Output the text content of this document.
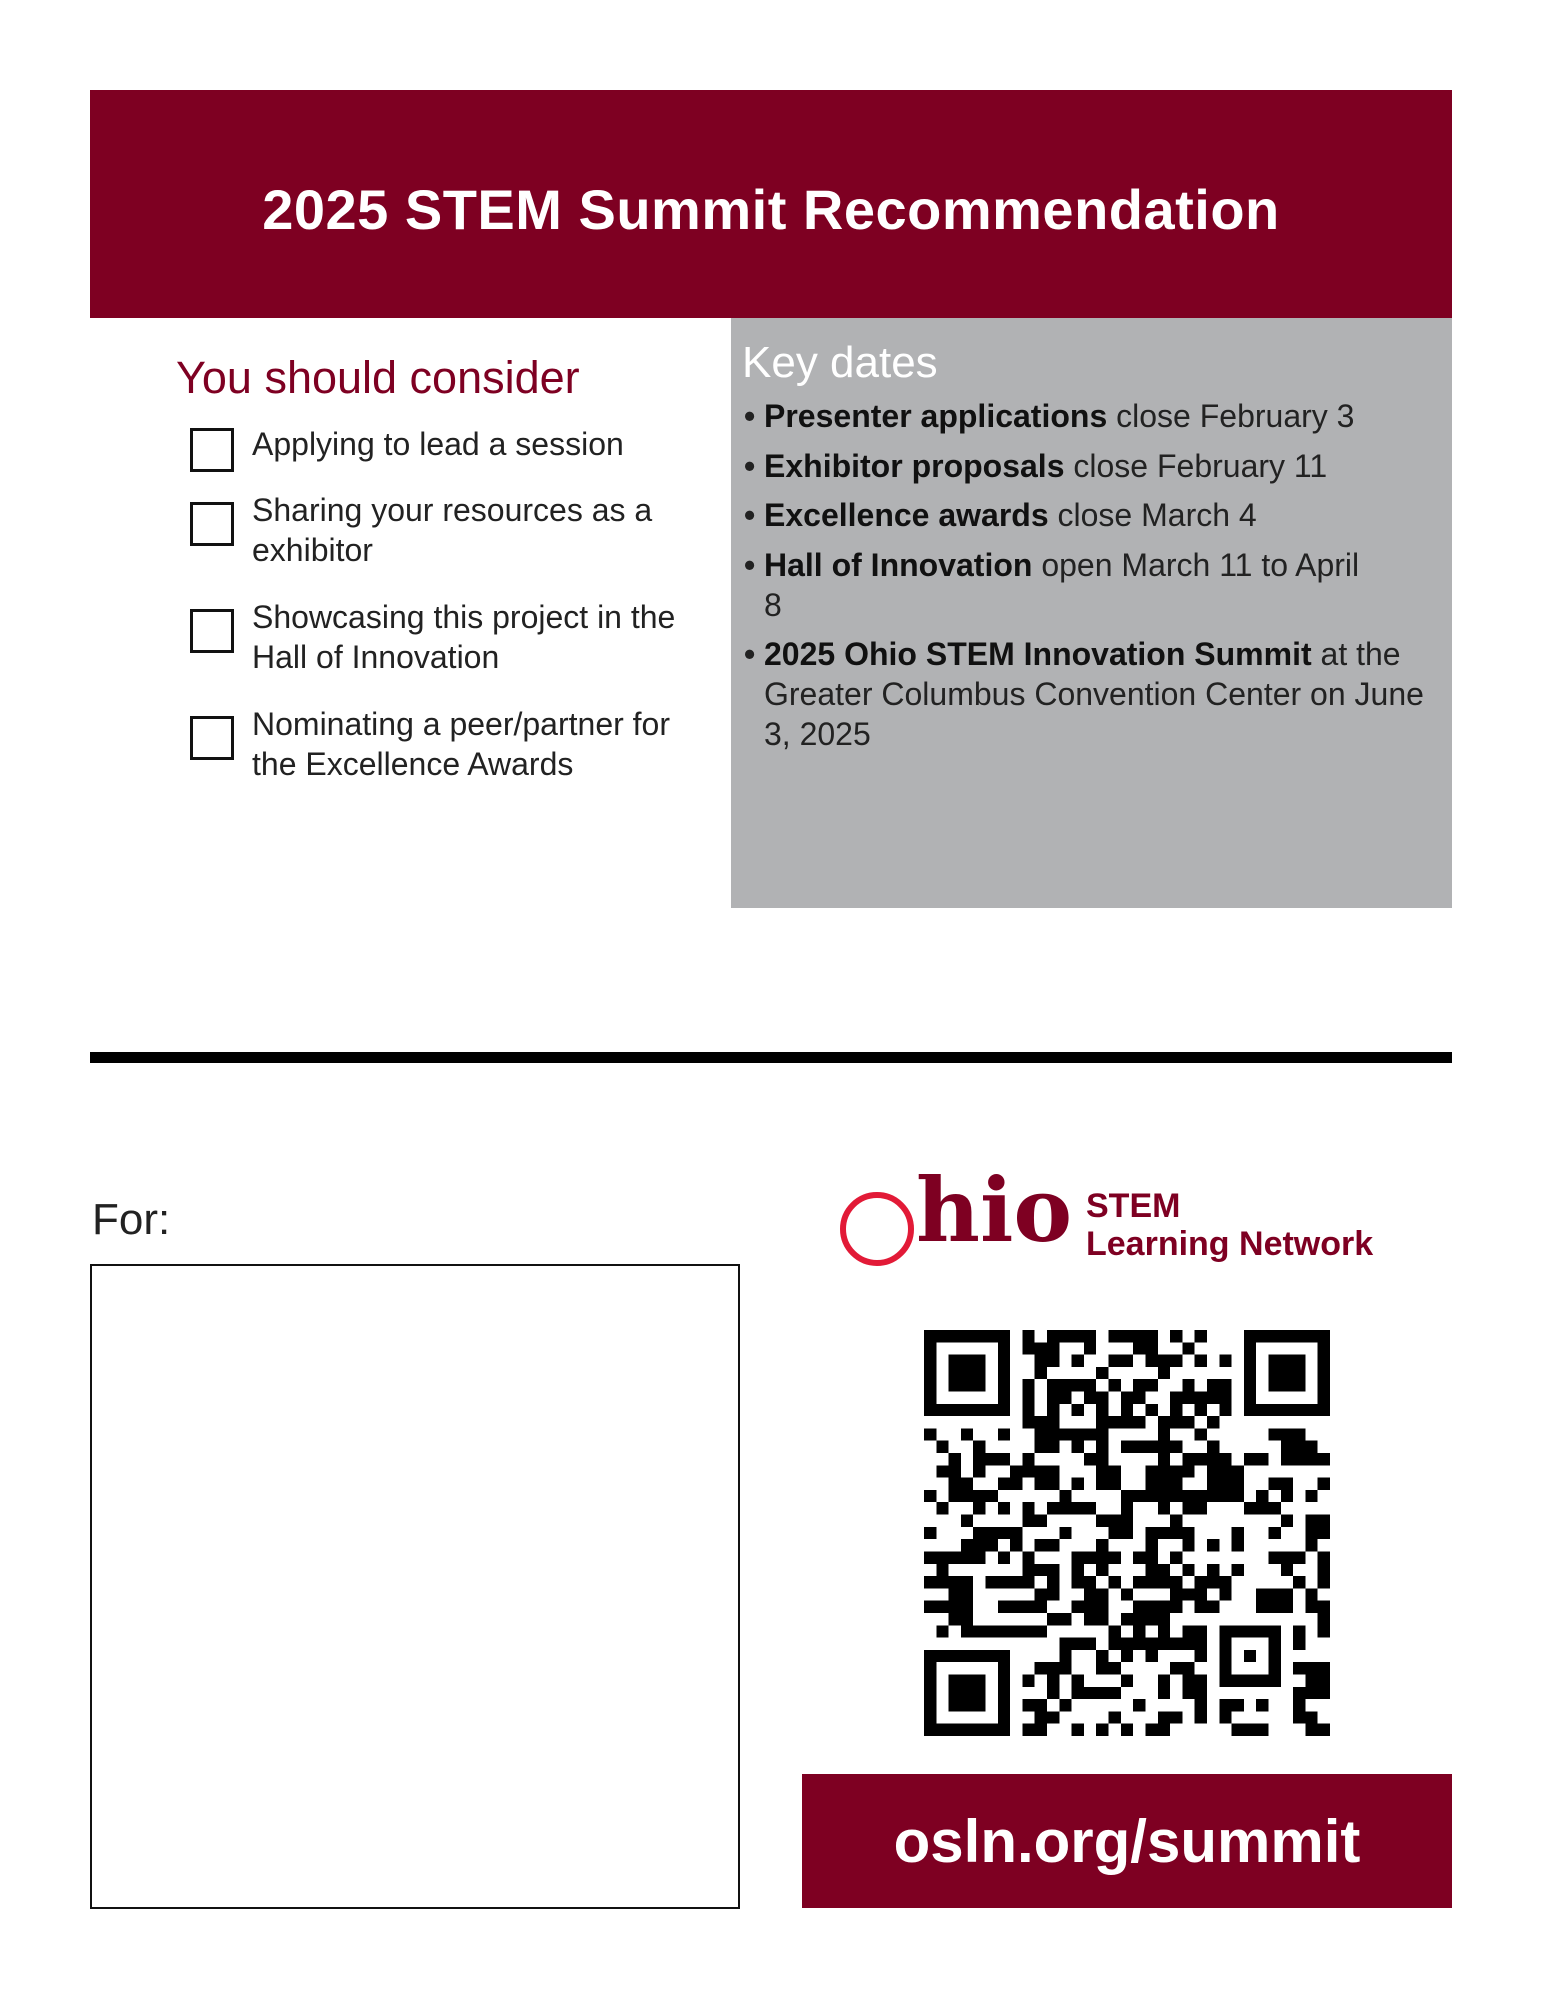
2025 STEM Summit Recommendation
You should consider
Applying to lead a session
Sharing your resources as a exhibitor
Showcasing this project in the Hall of Innovation
Nominating a peer/partner for the Excellence Awards
Key dates
• Presenter applications close February 3
• Exhibitor proposals close February 11
• Excellence awards close March 4
• Hall of Innovation open March 11 to April 8
• 2025 Ohio STEM Innovation Summit at the Greater Columbus Convention Center on June 3, 2025
For:	hio STEM
Learning Network
osln.org/summit
